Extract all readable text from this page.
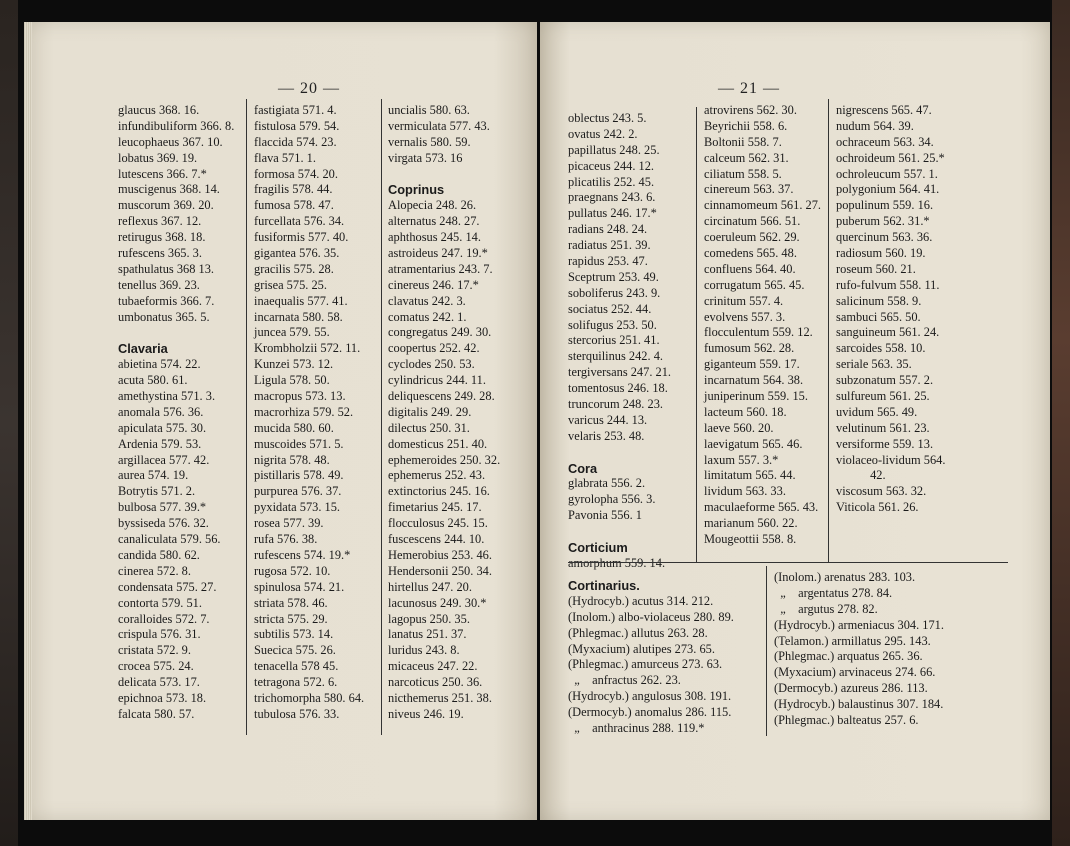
— 20 —	— 21 —
glaucus 368. 16.
infundibuliform 366. 8.
leucophaeus 367. 10.
lobatus 369. 19.
lutescens 366. 7.*
muscigenus 368. 14.
muscorum 369. 20.
reflexus 367. 12.
retirugus 368. 18.
rufescens 365. 3.
spathulatus 368 13.
tenellus 369. 23.
tubaeformis 366. 7.
umbonatus 365. 5.
Clavaria
abietina 574. 22.
acuta 580. 61.
amethystina 571. 3.
anomala 576. 36.
apiculata 575. 30.
Ardenia 579. 53.
argillacea 577. 42.
aurea 574. 19.
Botrytis 571. 2.
bulbosa 577. 39.*
byssiseda 576. 32.
canaliculata 579. 56.
candida 580. 62.
cinerea 572. 8.
condensata 575. 27.
contorta 579. 51.
coralloides 572. 7.
crispula 576. 31.
cristata 572. 9.
crocea 575. 24.
delicata 573. 17.
epichnoa 573. 18.
falcata 580. 57.
fastigiata 571. 4.
fistulosa 579. 54.
flaccida 574. 23.
flava 571. 1.
formosa 574. 20.
fragilis 578. 44.
fumosa 578. 47.
furcellata 576. 34.
fusiformis 577. 40.
gigantea 576. 35.
gracilis 575. 28.
grisea 575. 25.
inaequalis 577. 41.
incarnata 580. 58.
juncea 579. 55.
Krombholzii 572. 11.
Kunzei 573. 12.
Ligula 578. 50.
macropus 573. 13.
macrorhiza 579. 52.
mucida 580. 60.
muscoides 571. 5.
nigrita 578. 48.
pistillaris 578. 49.
purpurea 576. 37.
pyxidata 573. 15.
rosea 577. 39.
rufa 576. 38.
rufescens 574. 19.*
rugosa 572. 10.
spinulosa 574. 21.
striata 578. 46.
stricta 575. 29.
subtilis 573. 14.
Suecica 575. 26.
tenacella 578 45.
tetragona 572. 6.
trichomorpha 580. 64.
tubulosa 576. 33.
uncialis 580. 63.
vermiculata 577. 43.
vernalis 580. 59.
virgata 573. 16
Coprinus
Alopecia 248. 26.
alternatus 248. 27.
aphthosus 245. 14.
astroideus 247. 19.*
atramentarius 243. 7.
cinereus 246. 17.*
clavatus 242. 3.
comatus 242. 1.
congregatus 249. 30.
coopertus 252. 42.
cyclodes 250. 53.
cylindricus 244. 11.
deliquescens 249. 28.
digitalis 249. 29.
dilectus 250. 31.
domesticus 251. 40.
ephemeroides 250. 32.
ephemerus 252. 43.
extinctorius 245. 16.
fimetarius 245. 17.
flocculosus 245. 15.
fuscescens 244. 10.
Hemerobius 253. 46.
Hendersonii 250. 34.
hirtellus 247. 20.
lacunosus 249. 30.*
lagopus 250. 35.
lanatus 251. 37.
luridus 243. 8.
micaceus 247. 22.
narcoticus 250. 36.
nicthemerus 251. 38.
niveus 246. 19.
oblectus 243. 5.
ovatus 242. 2.
papillatus 248. 25.
picaceus 244. 12.
plicatilis 252. 45.
praegnans 243. 6.
pullatus 246. 17.*
radians 248. 24.
radiatus 251. 39.
rapidus 253. 47.
Sceptrum 253. 49.
soboliferus 243. 9.
sociatus 252. 44.
solifugus 253. 50.
stercorius 251. 41.
sterquilinus 242. 4.
tergiversans 247. 21.
tomentosus 246. 18.
truncorum 248. 23.
varicus 244. 13.
velaris 253. 48.
Cora
glabrata 556. 2.
gyrolopha 556. 3.
Pavonia 556. 1
Corticium
atrovirens 562. 30.
Beyrichii 558. 6.
Boltonii 558. 7.
calceum 562. 31.
ciliatum 558. 5.
cinereum 563. 37.
cinnamomeum 561. 27.
circinatum 566. 51.
coeruleum 562. 29.
comedens 565. 48.
confluens 564. 40.
corrugatum 565. 45.
crinitum 557. 4.
evolvens 557. 3.
flocculentum 559. 12.
fumosum 562. 28.
giganteum 559. 17.
incarnatum 564. 38.
juniperinum 559. 15.
lacteum 560. 18.
laeve 560. 20.
laevigatum 565. 46.
laxum 557. 3.*
limitatum 565. 44.
lividum 563. 33.
maculaeforme 565. 43.
marianum 560. 22.
Mougeottii 558. 8.
nigrescens 565. 47.
nudum 564. 39.
ochraceum 563. 34.
ochroideum 561. 25.*
ochroleucum 557. 1.
polygonium 564. 41.
populinum 559. 16.
puberum 562. 31.*
quercinum 563. 36.
radiosum 560. 19.
roseum 560. 21.
rufo-fulvum 558. 11.
salicinum 558. 9.
sambuci 565. 50.
sanguineum 561. 24.
sarcoides 558. 10.
seriale 563. 35.
subzonatum 557. 2.
sulfureum 561. 25.
uvidum 565. 49.
velutinum 561. 23.
versiforme 559. 13.
violaceo-lividum 564.
42.
viscosum 563. 32.
Viticola 561. 26.
Cortinarius.
(Hydrocyb.) acutus 314. 212.
(Inolom.) albo-violaceus 280. 89.
(Phlegmac.) allutus 263. 28.
(Myxacium) alutipes 273. 65.
(Phlegmac.) amurceus 273. 63.
„    anfractus 262. 23.
(Hydrocyb.) angulosus 308. 191.
(Dermocyb.) anomalus 286. 115.
„    anthracinus 288. 119.*
(Inolom.) arenatus 283. 103.
„    argentatus 278. 84.
„    argutus 278. 82.
(Hydrocyb.) armeniacus 304. 171.
(Telamon.) armillatus 295. 143.
(Phlegmac.) arquatus 265. 36.
(Myxacium) arvinaceus 274. 66.
(Dermocyb.) azureus 286. 113.
(Hydrocyb.) balaustinus 307. 184.
(Phlegmac.) balteatus 257. 6.
